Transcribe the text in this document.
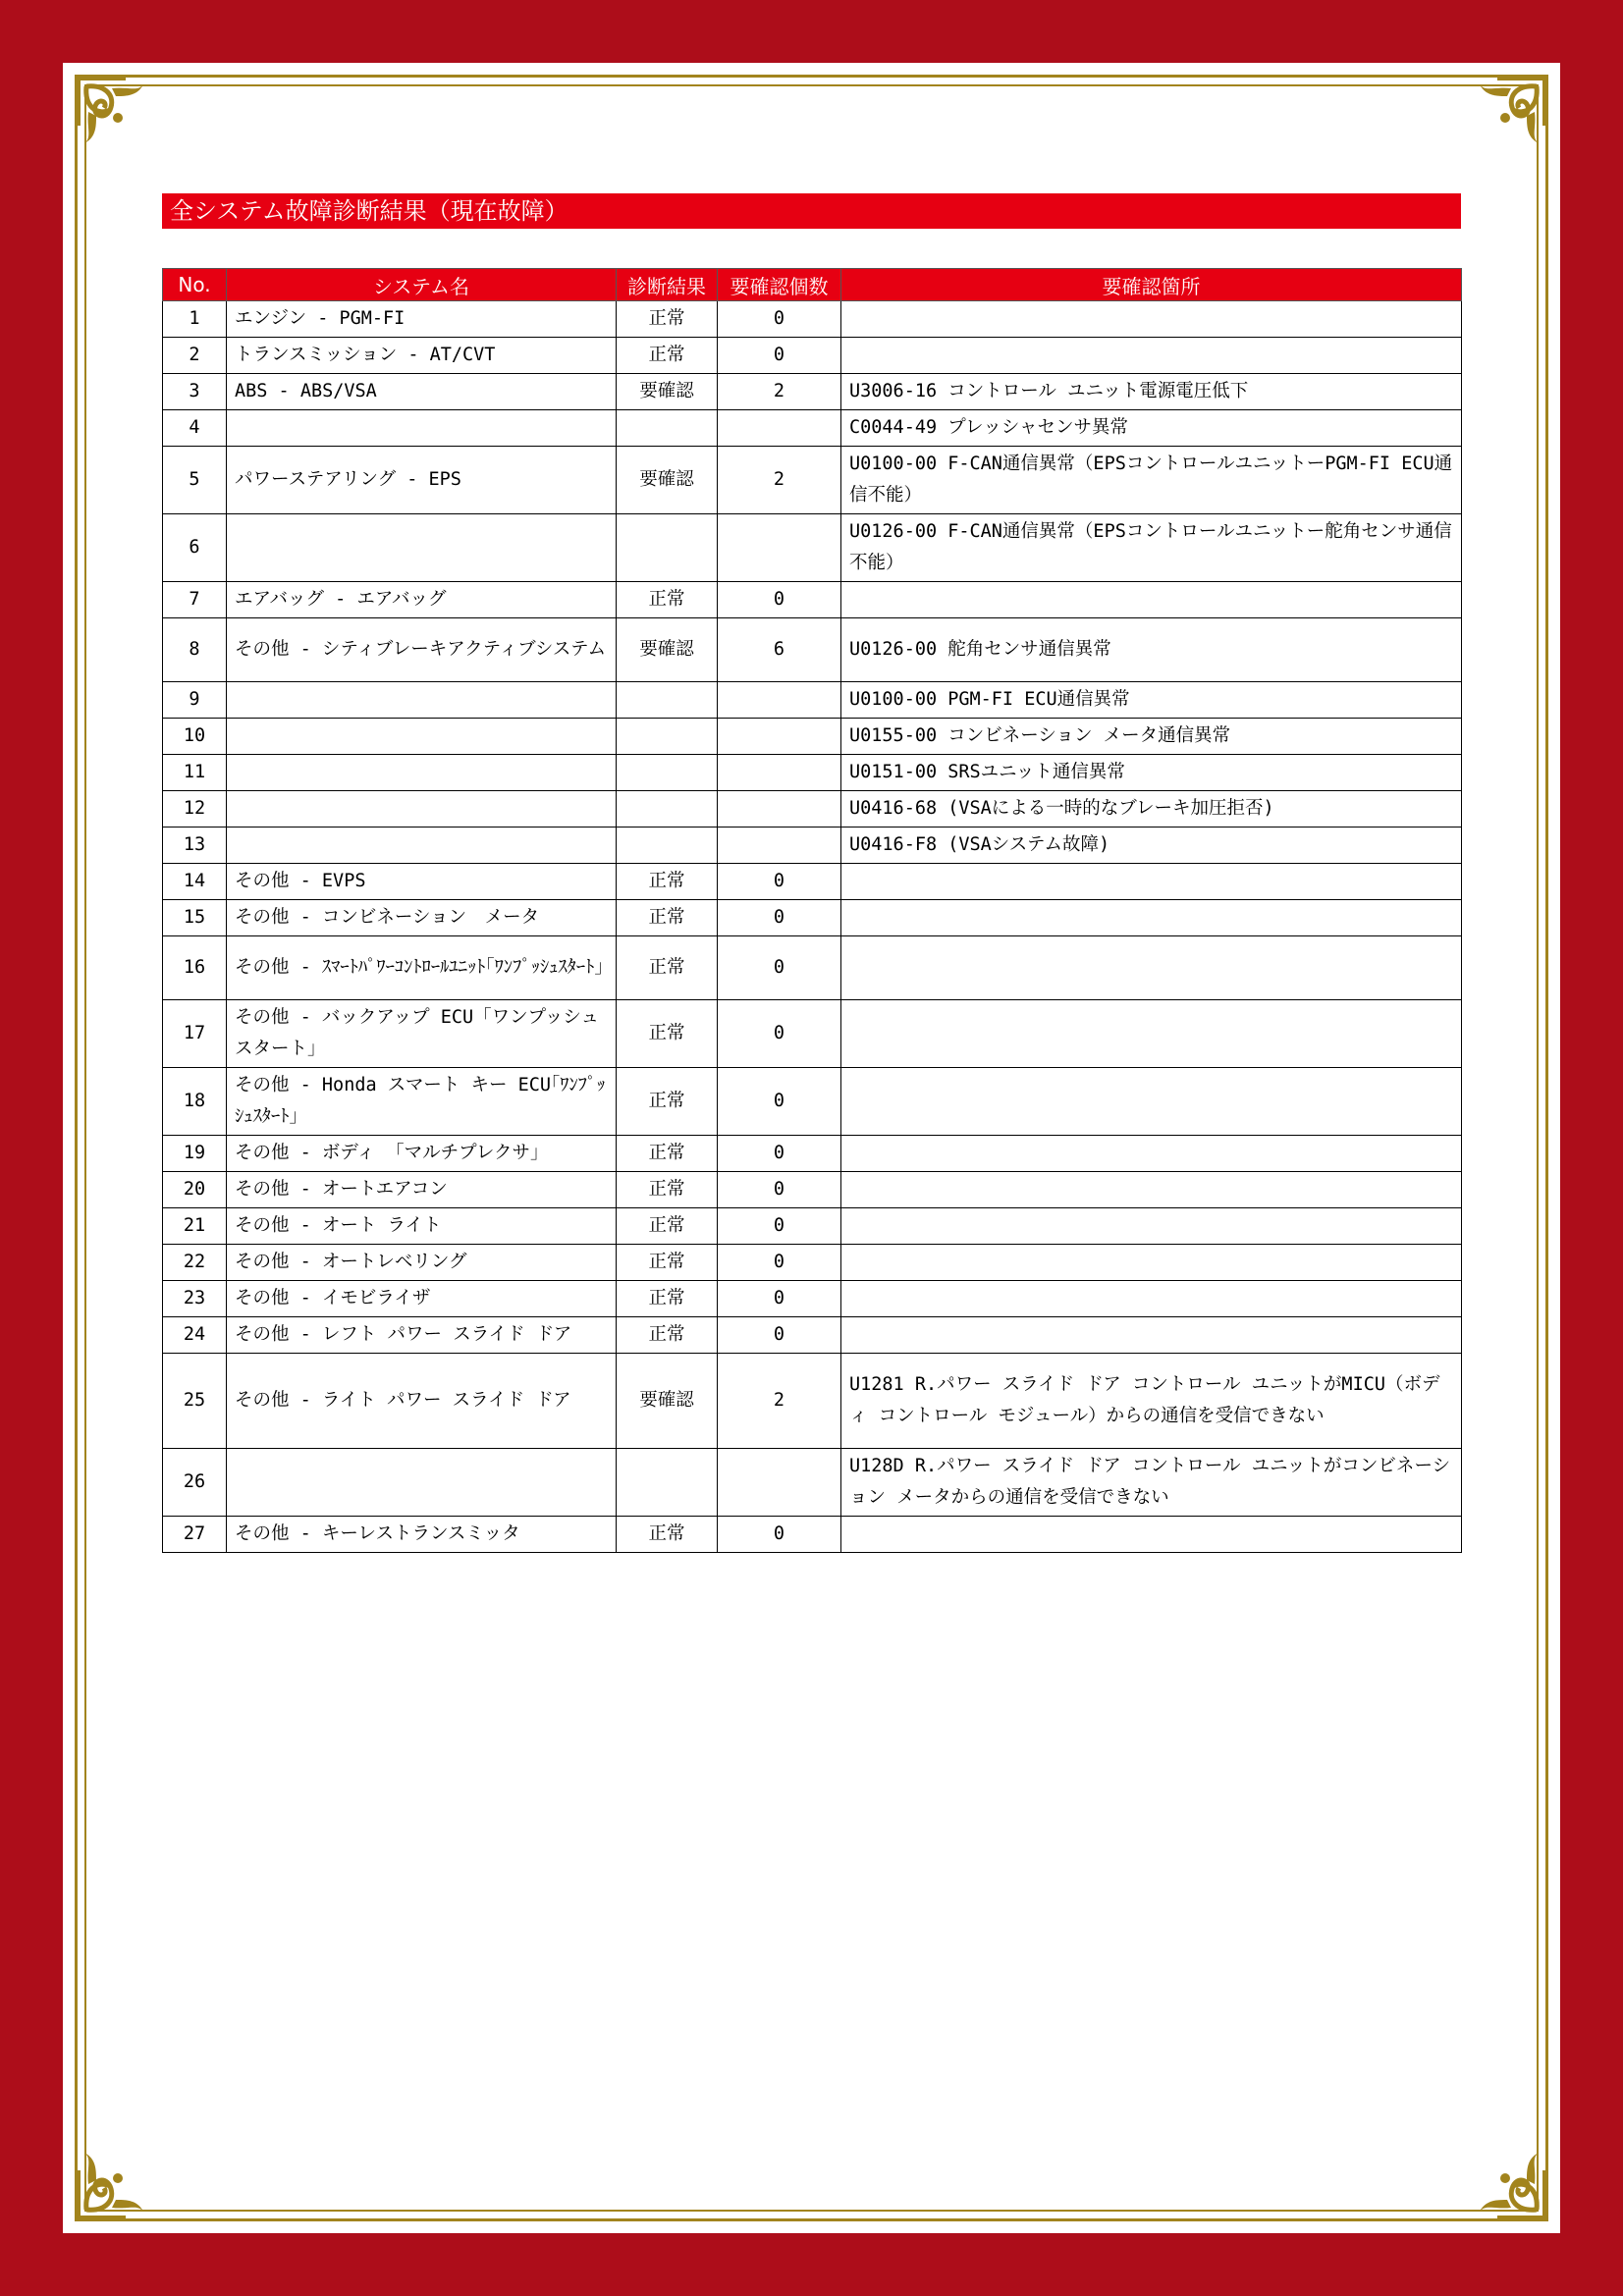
全システム故障診断結果（現在故障）
No.	システム名	診断結果	要確認個数	要確認箇所
1	エンジン - PGM-FI	正常	0	
2	トランスミッション - AT/CVT	正常	0	
3	ABS - ABS/VSA	要確認	2	U3006-16 コントロール ユニット電源電圧低下
4				C0044-49 プレッシャセンサ異常
5	パワーステアリング - EPS	要確認	2	U0100-00 F-CAN通信異常（EPSコントロールユニットーPGM-FI ECU通信不能）
6				U0126-00 F-CAN通信異常（EPSコントロールユニットー舵角センサ通信不能）
7	エアバッグ - エアバッグ	正常	0	
8	その他 - シティブレーキアクティブシステム	要確認	6	U0126-00 舵角センサ通信異常
9				U0100-00 PGM-FI ECU通信異常
10				U0155-00 コンビネーション メータ通信異常
11				U0151-00 SRSユニット通信異常
12				U0416-68 (VSAによる一時的なブレーキ加圧拒否)
13				U0416-F8 (VSAシステム故障)
14	その他 - EVPS	正常	0	
15	その他 - コンビネーション　メータ	正常	0	
16	その他 - ｽﾏｰﾄﾊﾟﾜｰｺﾝﾄﾛｰﾙﾕﾆｯﾄ｢ﾜﾝﾌﾟｯｼｭｽﾀｰﾄ｣	正常	0	
17	その他 - バックアップ ECU「ワンプッシュスタート」	正常	0	
18	その他 - Honda スマート キー ECU｢ﾜﾝﾌﾟｯｼｭｽﾀｰﾄ｣	正常	0	
19	その他 - ボディ 「マルチプレクサ」	正常	0	
20	その他 - オートエアコン	正常	0	
21	その他 - オート ライト	正常	0	
22	その他 - オートレベリング	正常	0	
23	その他 - イモビライザ	正常	0	
24	その他 - レフト パワー スライド ドア	正常	0	
25	その他 - ライト パワー スライド ドア	要確認	2	U1281 R.パワー スライド ドア コントロール ユニットがMICU（ボディ コントロール モジュール）からの通信を受信できない
26				U128D R.パワー スライド ドア コントロール ユニットがコンビネーション メータからの通信を受信できない
27	その他 - キーレストランスミッタ	正常	0	
